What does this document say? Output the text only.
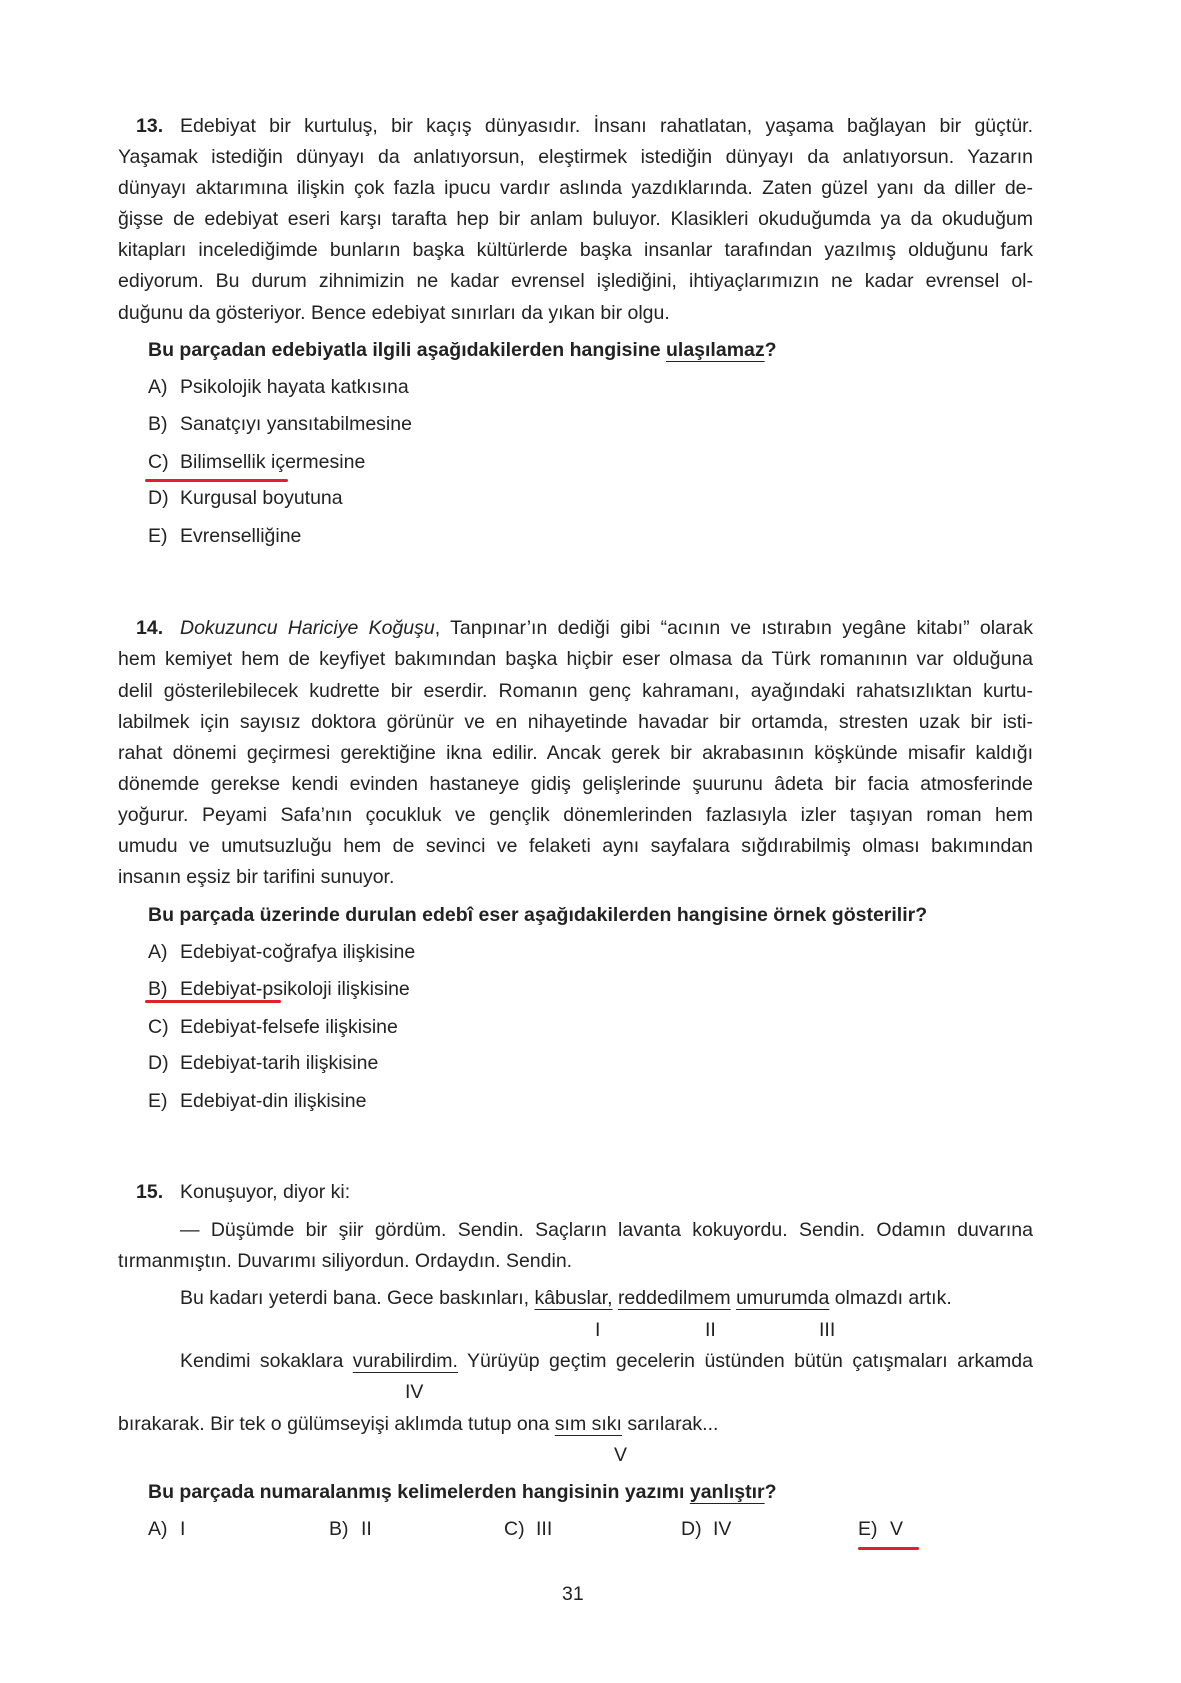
13. Edebiyat bir kurtuluş, bir kaçış dünyasıdır. İnsanı rahatlatan, yaşama bağlayan bir güçtür.
Yaşamak istediğin dünyayı da anlatıyorsun, eleştirmek istediğin dünyayı da anlatıyorsun. Yazarın
dünyayı aktarımına ilişkin çok fazla ipucu vardır aslında yazdıklarında. Zaten güzel yanı da diller de-
ğişse de edebiyat eseri karşı tarafta hep bir anlam buluyor. Klasikleri okuduğumda ya da okuduğum
kitapları incelediğimde bunların başka kültürlerde başka insanlar tarafından yazılmış olduğunu fark
ediyorum. Bu durum zihnimizin ne kadar evrensel işlediğini, ihtiyaçlarımızın ne kadar evrensel ol-
duğunu da gösteriyor. Bence edebiyat sınırları da yıkan bir olgu.
Bu parçadan edebiyatla ilgili aşağıdakilerden hangisine ulaşılamaz?
A) Psikolojik hayata katkısına
B) Sanatçıyı yansıtabilmesine
C) Bilimsellik içermesine
D) Kurgusal boyutuna
E) Evrenselliğine
14. Dokuzuncu Hariciye Koğuşu, Tanpınar’ın dediği gibi “acının ve ıstırabın yegâne kitabı” olarak
hem kemiyet hem de keyfiyet bakımından başka hiçbir eser olmasa da Türk romanının var olduğuna
delil gösterilebilecek kudrette bir eserdir. Romanın genç kahramanı, ayağındaki rahatsızlıktan kurtu-
labilmek için sayısız doktora görünür ve en nihayetinde havadar bir ortamda, stresten uzak bir isti-
rahat dönemi geçirmesi gerektiğine ikna edilir. Ancak gerek bir akrabasının köşkünde misafir kaldığı
dönemde gerekse kendi evinden hastaneye gidiş gelişlerinde şuurunu âdeta bir facia atmosferinde
yoğurur. Peyami Safa’nın çocukluk ve gençlik dönemlerinden fazlasıyla izler taşıyan roman hem
umudu ve umutsuzluğu hem de sevinci ve felaketi aynı sayfalara sığdırabilmiş olması bakımından
insanın eşsiz bir tarifini sunuyor.
Bu parçada üzerinde durulan edebî eser aşağıdakilerden hangisine örnek gösterilir?
A) Edebiyat-coğrafya ilişkisine
B) Edebiyat-psikoloji ilişkisine
C) Edebiyat-felsefe ilişkisine
D) Edebiyat-tarih ilişkisine
E) Edebiyat-din ilişkisine
15. Konuşuyor, diyor ki:
— Düşümde bir şiir gördüm. Sendin. Saçların lavanta kokuyordu. Sendin. Odamın duvarına
tırmanmıştın. Duvarımı siliyordun. Ordaydın. Sendin.
Bu kadarı yeterdi bana. Gece baskınları, kâbuslar, reddedilmem umurumda olmazdı artık.
I	II	III
Kendimi sokaklara vurabilirdim. Yürüyüp geçtim gecelerin üstünden bütün çatışmaları arkamda
IV
bırakarak. Bir tek o gülümseyişi aklımda tutup ona sım sıkı sarılarak...
V
Bu parçada numaralanmış kelimelerden hangisinin yazımı yanlıştır?
A) I	B) II	C) III	D) IV	E) V
31
